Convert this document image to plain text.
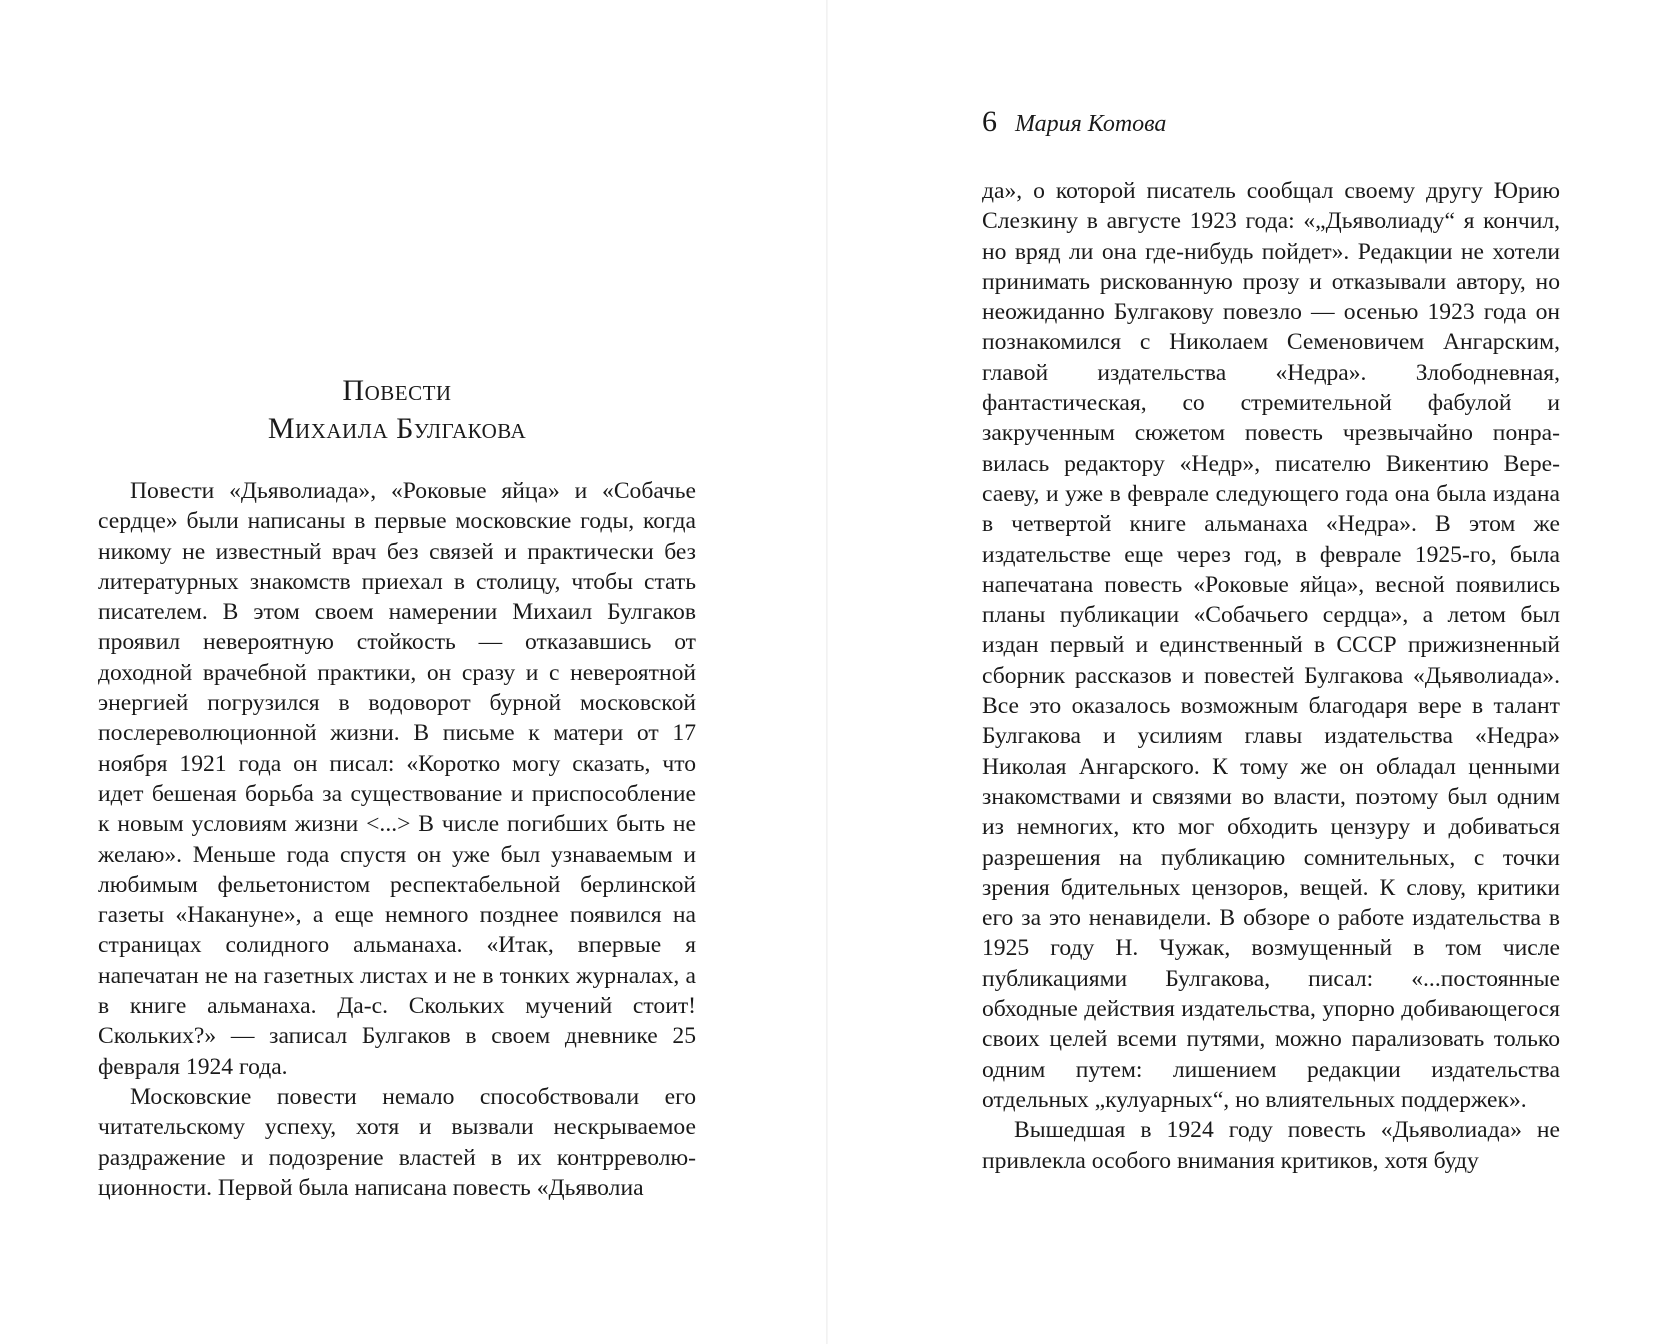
Повести
Михаила Булгакова

Повести «Дьяволиада», «Роковые яйца» и «Собачье сердце» были написаны в первые московские годы, когда никому не известный врач без связей и практически без литературных знакомств приехал в столицу, чтобы стать писателем. В этом своем намерении Михаил Булгаков проявил невероятную стойкость — отказавшись от доходной врачебной практики, он сразу и с невероятной энергией погрузился в водоворот бурной московской послереволюционной жизни. В письме к матери от 17 ноября 1921 года он писал: «Коротко могу сказать, что идет бешеная борьба за существование и приспособление к новым условиям жизни <...> В числе погибших быть не желаю». Меньше года спустя он уже был узнаваемым и любимым фельетонистом респектабельной берлинской газеты «Накануне», а еще немного позднее появился на страницах солидного альманаха. «Итак, впервые я напечатан не на газетных листах и не в тонких журналах, а в книге альманаха. Да-с. Скольких мучений стоит! Скольких?» — записал Булгаков в своем дневнике 25 февраля 1924 года.

Московские повести немало способствовали его читательскому успеху, хотя и вызвали нескрываемое раздражение и подозрение властей в их контрреволюционности. Первой была написана повесть «Дьяволиа

6 Мария Котова

да», о которой писатель сообщал своему другу Юрию Слезкину в августе 1923 года: «„Дьяволиаду“ я кончил, но вряд ли она где-нибудь пойдет». Редакции не хотели принимать рискованную прозу и отказывали автору, но неожиданно Булгакову повезло — осенью 1923 года он познакомился с Николаем Семеновичем Ангарским, главой издательства «Недра». Злободневная, фантастическая, со стремительной фабулой и закрученным сюжетом повесть чрезвычайно понравилась редактору «Недр», писателю Викентию Вересаеву, и уже в феврале следующего года она была издана в четвертой книге альманаха «Недра». В этом же издательстве еще через год, в феврале 1925-го, была напечатана повесть «Роковые яйца», весной появились планы публикации «Собачьего сердца», а летом был издан первый и единственный в СССР прижизненный сборник рассказов и повестей Булгакова «Дьяволиада». Все это оказалось возможным благодаря вере в талант Булгакова и усилиям главы издательства «Недра» Николая Ангарского. К тому же он обладал ценными знакомствами и связями во власти, поэтому был одним из немногих, кто мог обходить цензуру и добиваться разрешения на публикацию сомнительных, с точки зрения бдительных цензоров, вещей. К слову, критики его за это ненавидели. В обзоре о работе издательства в 1925 году Н. Чужак, возмущенный в том числе публикациями Булгакова, писал: «...постоянные обходные действия издательства, упорно добивающегося своих целей всеми путями, можно парализовать только одним путем: лишением редакции издательства отдельных „кулуарных“, но влиятельных поддержек».

Вышедшая в 1924 году повесть «Дьяволиада» не привлекла особого внимания критиков, хотя буду
